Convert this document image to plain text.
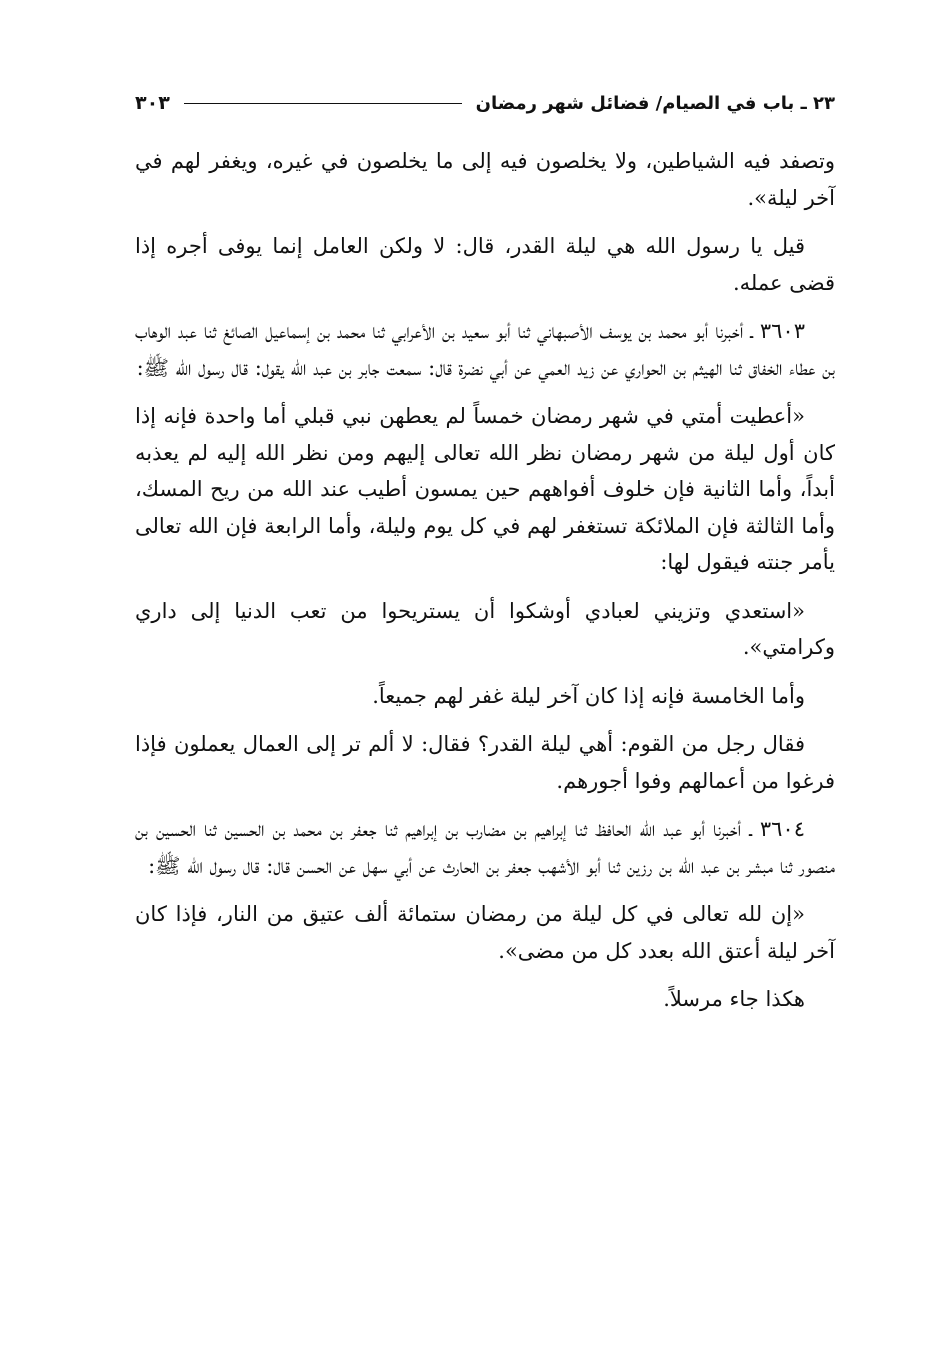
٢٣ ـ باب في الصيام/ فضائل شهر رمضان
٣٠٣

وتصفد فيه الشياطين، ولا يخلصون فيه إلى ما يخلصون في غيره، ويغفر لهم في آخر ليلة».

قيل يا رسول الله هي ليلة القدر، قال: لا ولكن العامل إنما يوفى أجره إذا قضى عمله.

٣٦٠٣ ـ أخبرنا أبو محمد بن يوسف الأصبهاني ثنا أبو سعيد بن الأعرابي ثنا محمد بن إسماعيل الصائغ ثنا عبد الوهاب بن عطاء الخفاق ثنا الهيثم بن الحواري عن زيد العمي عن أبي نضرة قال: سمعت جابر بن عبد الله يقول: قال رسول الله ﷺ:

«أعطيت أمتي في شهر رمضان خمساً لم يعطهن نبي قبلي أما واحدة فإنه إذا كان أول ليلة من شهر رمضان نظر الله تعالى إليهم ومن نظر الله إليه لم يعذبه أبداً، وأما الثانية فإن خلوف أفواههم حين يمسون أطيب عند الله من ريح المسك، وأما الثالثة فإن الملائكة تستغفر لهم في كل يوم وليلة، وأما الرابعة فإن الله تعالى يأمر جنته فيقول لها:

«استعدي وتزيني لعبادي أوشكوا أن يستريحوا من تعب الدنيا إلى داري وكرامتي».

وأما الخامسة فإنه إذا كان آخر ليلة غفر لهم جميعاً.

فقال رجل من القوم: أهي ليلة القدر؟ فقال: لا ألم تر إلى العمال يعملون فإذا فرغوا من أعمالهم وفوا أجورهم.

٣٦٠٤ ـ أخبرنا أبو عبد الله الحافظ ثنا إبراهيم بن مضارب بن إبراهيم ثنا جعفر بن محمد بن الحسين ثنا الحسين بن منصور ثنا مبشر بن عبد الله بن رزين ثنا أبو الأشهب جعفر بن الحارث عن أبي سهل عن الحسن قال: قال رسول الله ﷺ:

«إن لله تعالى في كل ليلة من رمضان ستمائة ألف عتيق من النار، فإذا كان آخر ليلة أعتق الله بعدد كل من مضى».

هكذا جاء مرسلاً.
